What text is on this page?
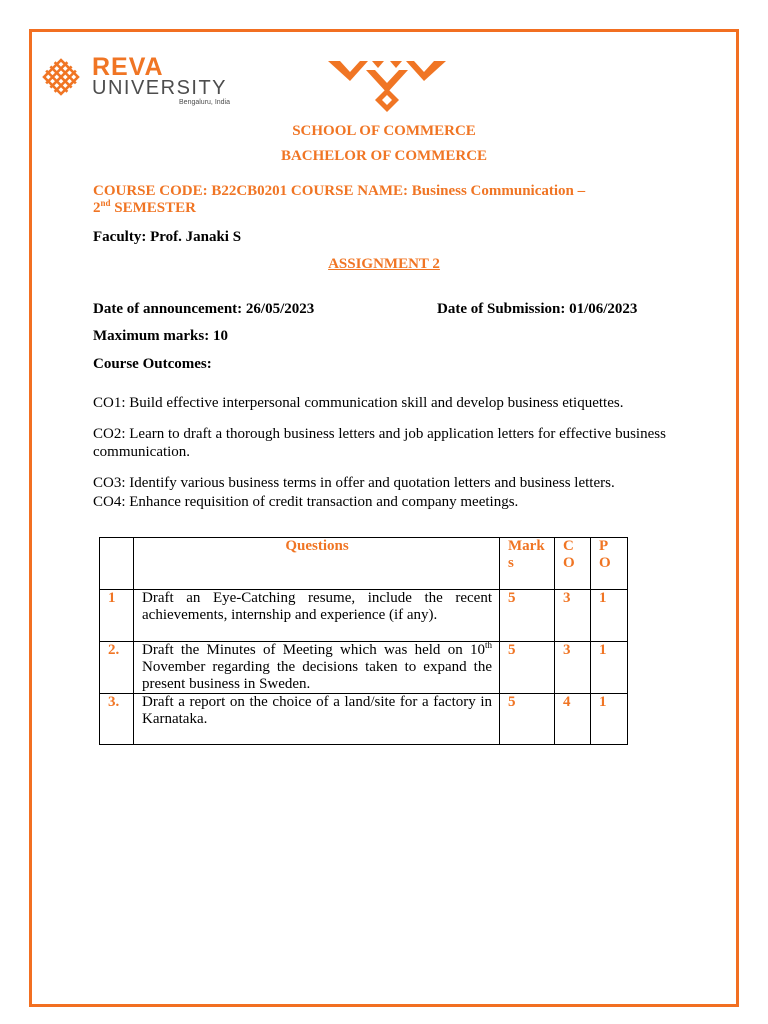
REVA
UNIVERSITY
Bengaluru, India
SCHOOL OF COMMERCE
BACHELOR OF COMMERCE
COURSE CODE: B22CB0201 COURSE NAME: Business Communication –
2nd SEMESTER
Faculty: Prof. Janaki S
ASSIGNMENT 2
Date of announcement: 26/05/2023	Date of Submission: 01/06/2023
Maximum marks: 10
Course Outcomes:
CO1: Build effective interpersonal communication skill and develop business etiquettes.
CO2: Learn to draft a thorough business letters and job application letters for effective business communication.
CO3: Identify various business terms in offer and quotation letters and business letters.
CO4: Enhance requisition of credit transaction and company meetings.
	Questions	Marks	CO	PO
1	Draft an Eye-Catching resume, include the recent achievements, internship and experience (if any).	5	3	1
2.	Draft the Minutes of Meeting which was held on 10th November regarding the decisions taken to expand the present business in Sweden.	5	3	1
3.	Draft a report on the choice of a land/site for a factory in Karnataka.	5	4	1
